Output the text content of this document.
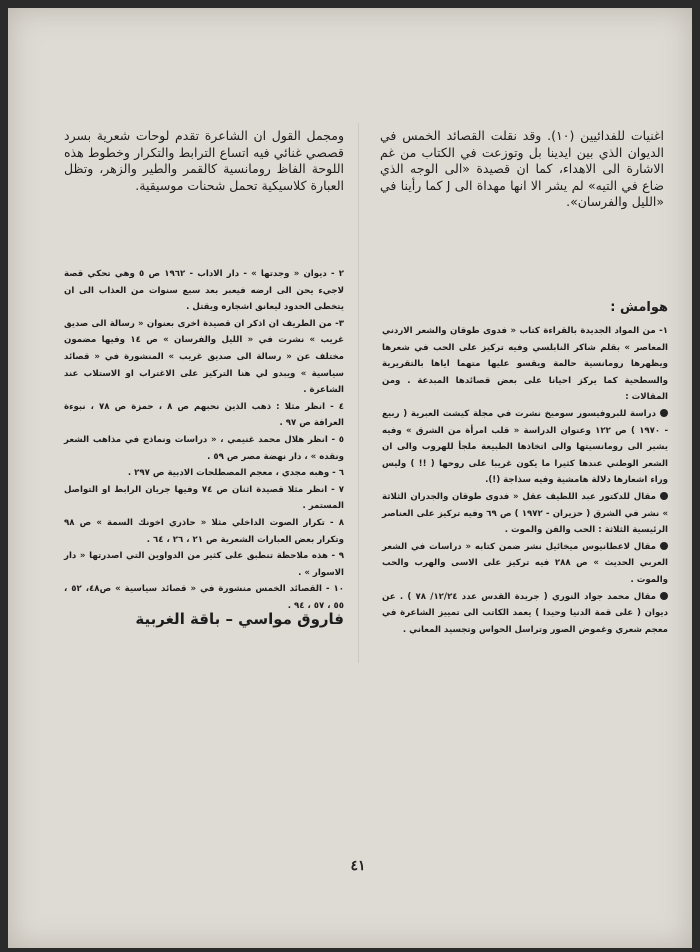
اغنيات للفدائيين (١٠). وقد نقلت القصائد الخمس في الديوان الذي بين ايدينا بل وتوزعت في الكتاب من غم الاشارة الى الاهداء، كما ان قصيدة «الى الوجه الذي ضاع في التيه» لم يشر الا انها مهداة الى J كما رأينا في «الليل والفرسان».
ومجمل القول ان الشاعرة تقدم لوحات شعرية بسرد قصصي غنائي فيه اتساع الترابط والتكرار وخطوط هذه اللوحة الفاظ رومانسية كالقمر والطير والزهر، وتظل العبارة كلاسيكية تحمل شحنات موسيقية.
هوامش :

١- من المواد الجديدة بالقراءة كتاب « فدوى طوقان والشعر الاردني المعاصر » بقلم شاكر النابلسي وفيه تركيز على الحب في شعرها ويظهرها رومانسية حالمة ويقسو عليها متهما اياها بالتقريرية والسطحية كما يركز احيانا على بعض قصائدها المبدعة . ومن المقالات :

دراسة للبروفيسور سوميخ نشرت في مجلة كيشت العبرية ( ربيع - ١٩٧٠ ) ص ١٢٢ وعنوان الدراسة « قلب امرأة من الشرق » وفيه يشير الى رومانسيتها والى اتخاذها الطبيعة ملجأ للهروب والى ان الشعر الوطني عندها كثيرا ما يكون غريبا على روحها ( !! ) وليس وراء اشعارها دلالة هامشية وفيه سذاجة (!).

مقال للدكتور عبد اللطيف عقل « فدوى طوقان والجدران الثلاثة » نشر في الشرق ( حزيران - ١٩٧٢ ) ص ٦٩ وفيه تركيز على العناصر الرئيسية الثلاثة : الحب والفن والموت .

مقال لاعطانيوس ميخائيل نشر ضمن كتابه « دراسات في الشعر العربي الحديث » ص ٢٨٨ فيه تركيز على الاسى والهرب والحب والموت .

مقال محمد جواد النوري ( جريدة القدس عدد ١٢/٢٤/ ٧٨ ) . عن ديوان ( على قمة الدنيا وحيدا ) يعمد الكاتب الى تمييز الشاعرة في معجم شعري وغموض الصور وتراسل الحواس وتجسيد المعاني .

٢ - ديوان « وجدتها » - دار الاداب - ١٩٦٢ ص ٥ وهي تحكي قصة لاجيء يحن الى ارضه فيعبر بعد سبع سنوات من العذاب الى ان يتخطى الحدود ليعانق اشجاره ويقتل .

٣- من الطريف ان اذكر ان قصيدة اخرى بعنوان « رسالة الى صديق غريب » نشرت في « الليل والفرسان » ص ١٤ وفيها مضمون مختلف عن « رسالة الى صديق غريب » المنشورة في « قصائد سياسية » ويبدو لي هنا التركيز على الاغتراب او الاستلاب عند الشاعرة .

٤ - انظر مثلا : ذهب الذين نحبهم ص ٨ ، حمزة ص ٧٨ ، نبوءة العرافة ص ٩٧ .

٥ - انظر هلال محمد غنيمي ، « دراسات ونماذج في مذاهب الشعر ونقده » ، دار نهضة مصر ص ٥٩ .

٦ - وهبه مجدي ، معجم المصطلحات الادبية ص ٢٩٧ .

٧ - انظر مثلا قصيدة اثنان ص ٧٤ وفيها جريان الرابط او التواصل المستمر .

٨ - تكرار الصوت الداخلي مثلا « حاذري اخونك السمة » ص ٩٨ وتكرار بعض العبارات الشعرية ص ٢١ ، ٢٦ ، ٦٤ .

٩ - هذه ملاحظة تنطبق على كثير من الدواوين التي اصدرتها « دار الاسوار » .

١٠ - القصائد الخمس منشورة في « قصائد سياسية » ص٤٨، ٥٢ ، ٥٥ ، ٥٧ ، ٩٤ .

فاروق مواسي – باقة الغربية
٤١
